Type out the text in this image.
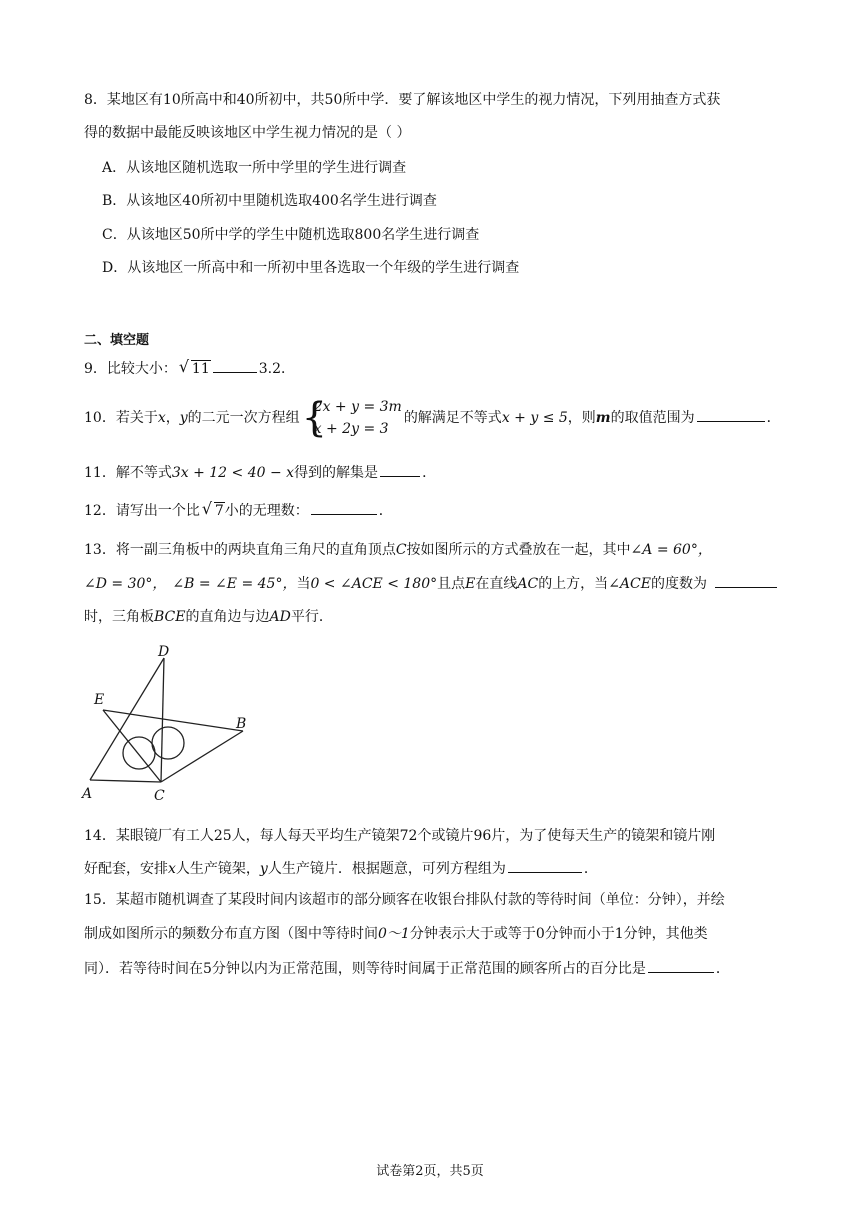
8．某地区有10所高中和40所初中，共50所中学．要了解该地区中学生的视力情况，下列用抽查方式获
得的数据中最能反映该地区中学生视力情况的是（ ）
A．从该地区随机选取一所中学里的学生进行调查
B．从该地区40所初中里随机选取400名学生进行调查
C．从该地区50所中学的学生中随机选取800名学生进行调查
D．从该地区一所高中和一所初中里各选取一个年级的学生进行调查
二、填空题
9．比较大小： √ 11	3.2．
10．若关于x，y的二元一次方程组 {
2x + y = 3m
x + 2y = 3
的解满足不等式x + y ≤ 5，则m的取值范围为	．
11．解不等式3x + 12 < 40 − x得到的解集是	．
12．请写出一个比 √ 7小的无理数：	．
13．将一副三角板中的两块直角三角尺的直角顶点C按如图所示的方式叠放在一起，其中∠A = 60°，
∠D = 30°， ∠B = ∠E = 45°，当0 < ∠ACE < 180°且点E在直线AC的上方，当∠ACE的度数为
时，三角板BCE的直角边与边AD平行．
D
E
B
A	C
14．某眼镜厂有工人25人，每人每天平均生产镜架72个或镜片96片，为了使每天生产的镜架和镜片刚
好配套，安排x人生产镜架，y人生产镜片．根据题意，可列方程组为	．
15．某超市随机调查了某段时间内该超市的部分顾客在收银台排队付款的等待时间（单位：分钟），并绘
制成如图所示的频数分布直方图（图中等待时间0～1分钟表示大于或等于0分钟而小于1分钟，其他类
同）．若等待时间在5分钟以内为正常范围，则等待时间属于正常范围的顾客所占的百分比是	．
试卷第2页，共5页
